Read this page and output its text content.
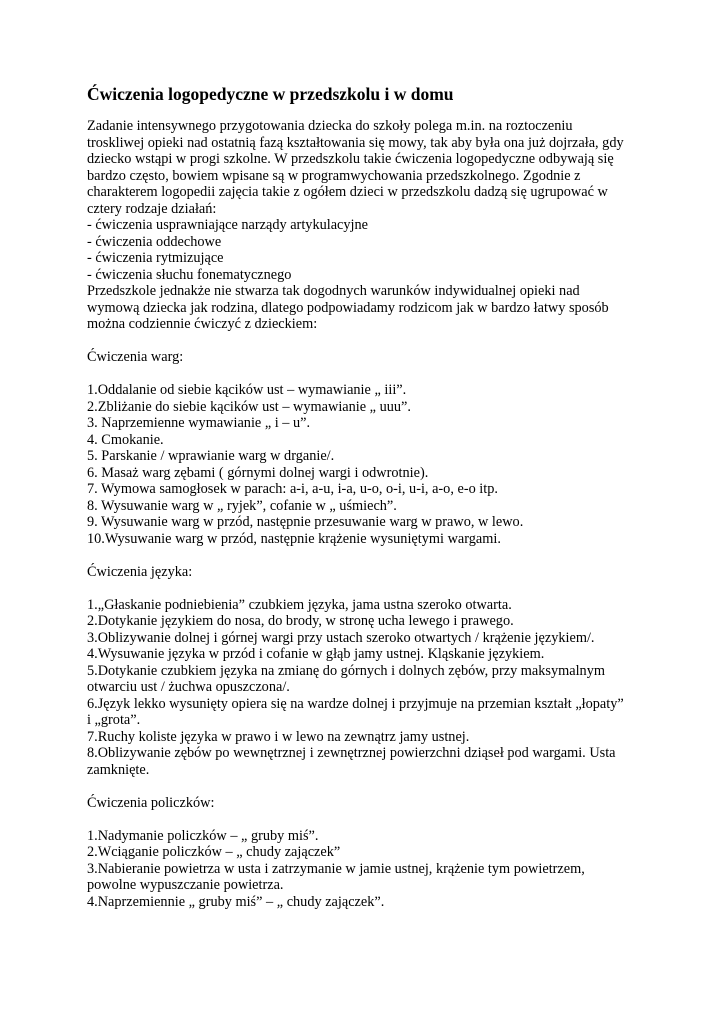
Ćwiczenia logopedyczne w przedszkolu i w domu
Zadanie intensywnego przygotowania dziecka do szkoły polega m.in. na roztoczeniu
troskliwej opieki nad ostatnią fazą kształtowania się mowy, tak aby była ona już dojrzała, gdy
dziecko wstąpi w progi szkolne. W przedszkolu takie ćwiczenia logopedyczne odbywają się
bardzo często, bowiem wpisane są w programwychowania przedszkolnego. Zgodnie z
charakterem logopedii zajęcia takie z ogółem dzieci w przedszkolu dadzą się ugrupować w
cztery rodzaje działań:
- ćwiczenia usprawniające narządy artykulacyjne
- ćwiczenia oddechowe
- ćwiczenia rytmizujące
- ćwiczenia słuchu fonematycznego
Przedszkole jednakże nie stwarza tak dogodnych warunków indywidualnej opieki nad
wymową dziecka jak rodzina, dlatego podpowiadamy rodzicom jak w bardzo łatwy sposób
można codziennie ćwiczyć z dzieckiem:
Ćwiczenia warg:
1.Oddalanie od siebie kącików ust – wymawianie „ iii”.
2.Zbliżanie do siebie kącików ust – wymawianie „ uuu”.
3. Naprzemienne wymawianie „ i – u”.
4. Cmokanie.
5. Parskanie / wprawianie warg w drganie/.
6. Masaż warg zębami ( górnymi dolnej wargi i odwrotnie).
7. Wymowa samogłosek w parach: a-i, a-u, i-a, u-o, o-i, u-i, a-o, e-o itp.
8. Wysuwanie warg w „ ryjek”, cofanie w „ uśmiech”.
9. Wysuwanie warg w przód, następnie przesuwanie warg w prawo, w lewo.
10.Wysuwanie warg w przód, następnie krążenie wysuniętymi wargami.
Ćwiczenia języka:
1.„Głaskanie podniebienia” czubkiem języka, jama ustna szeroko otwarta.
2.Dotykanie językiem do nosa, do brody, w stronę ucha lewego i prawego.
3.Oblizywanie dolnej i górnej wargi przy ustach szeroko otwartych / krążenie językiem/.
4.Wysuwanie języka w przód i cofanie w głąb jamy ustnej. Kląskanie językiem.
5.Dotykanie czubkiem języka na zmianę do górnych i dolnych zębów, przy maksymalnym
otwarciu ust / żuchwa opuszczona/.
6.Język lekko wysunięty opiera się na wardze dolnej i przyjmuje na przemian kształt „łopaty”
i „grota”.
7.Ruchy koliste języka w prawo i w lewo na zewnątrz jamy ustnej.
8.Oblizywanie zębów po wewnętrznej i zewnętrznej powierzchni dziąseł pod wargami. Usta
zamknięte.
Ćwiczenia policzków:
1.Nadymanie policzków – „ gruby miś”.
2.Wciąganie policzków – „ chudy zajączek”
3.Nabieranie powietrza w usta i zatrzymanie w jamie ustnej, krążenie tym powietrzem,
powolne wypuszczanie powietrza.
4.Naprzemiennie „ gruby miś” – „ chudy zajączek”.
